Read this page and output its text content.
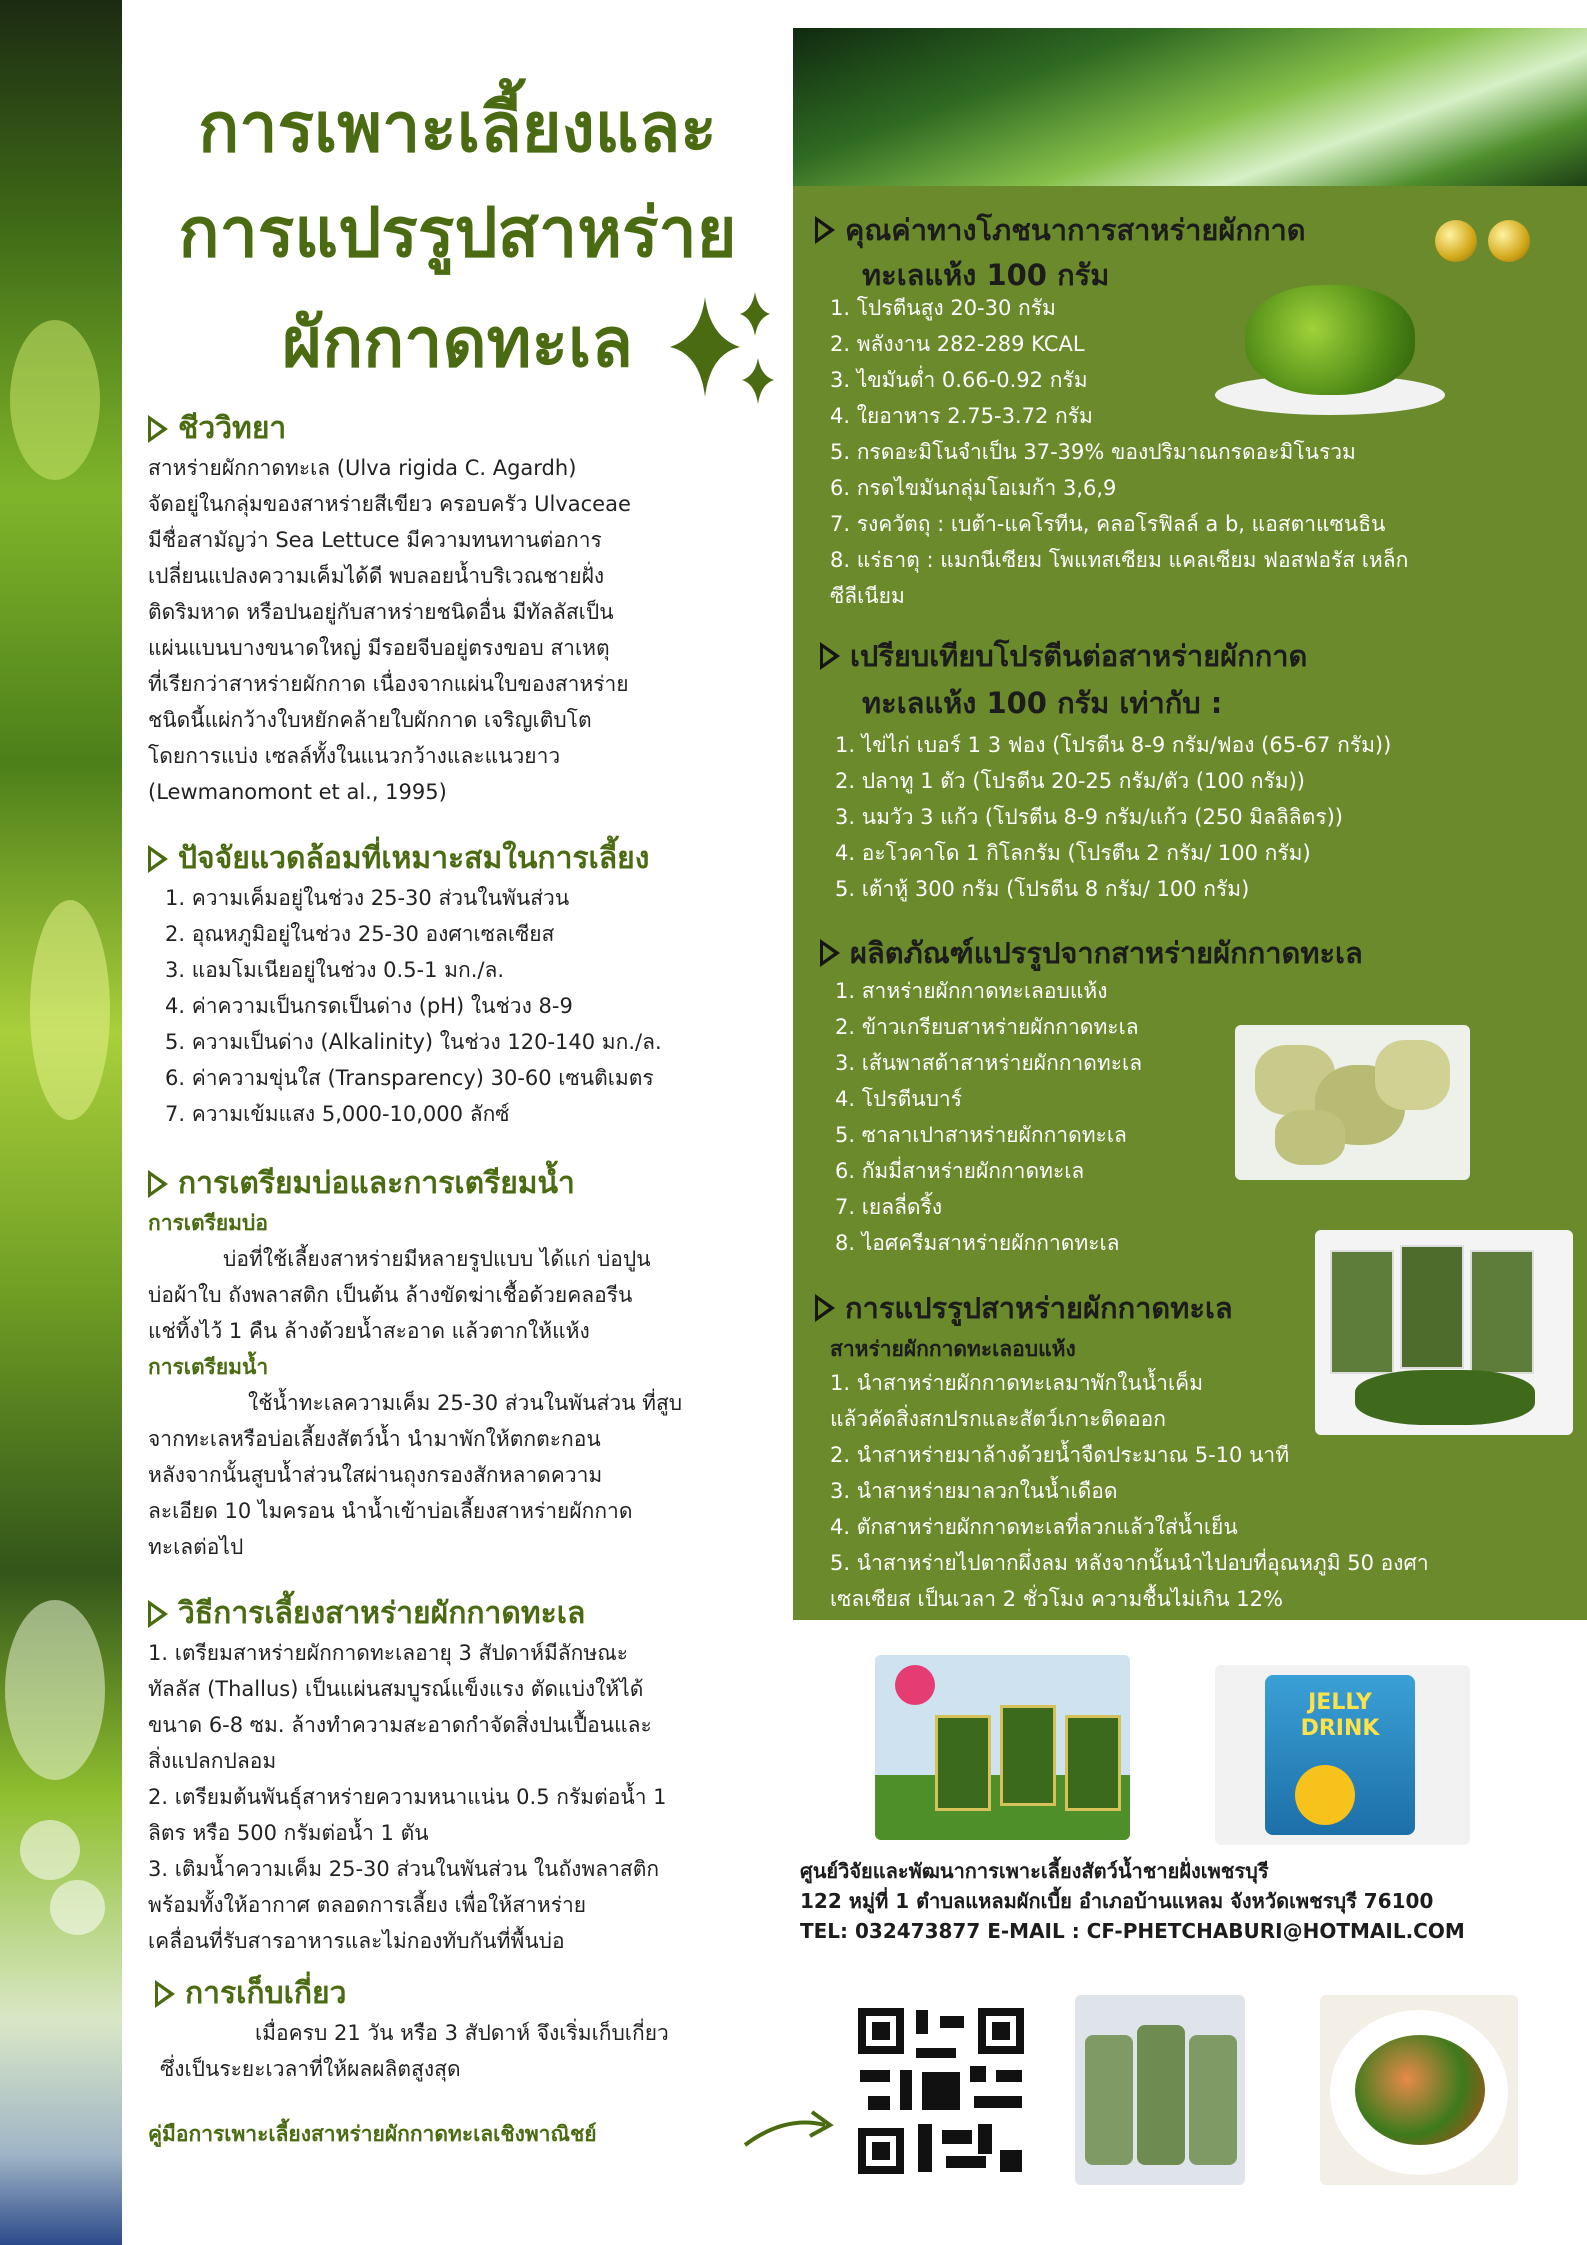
การเพาะเลี้ยงและ
การแปรรูปสาหร่าย
ผักกาดทะเล
ชีววิทยา
สาหร่ายผักกาดทะเล (Ulva rigida C. Agardh)
จัดอยู่ในกลุ่มของสาหร่ายสีเขียว ครอบครัว Ulvaceae
มีชื่อสามัญว่า Sea Lettuce มีความทนทานต่อการ
เปลี่ยนแปลงความเค็มได้ดี พบลอยน้ำบริเวณชายฝั่ง
ติดริมหาด หรือปนอยู่กับสาหร่ายชนิดอื่น มีทัลลัสเป็น
แผ่นแบนบางขนาดใหญ่ มีรอยจีบอยู่ตรงขอบ สาเหตุ
ที่เรียกว่าสาหร่ายผักกาด เนื่องจากแผ่นใบของสาหร่าย
ชนิดนี้แผ่กว้างใบหยักคล้ายใบผักกาด เจริญเติบโต
โดยการแบ่ง เซลล์ทั้งในแนวกว้างและแนวยาว
(Lewmanomont et al., 1995)
ปัจจัยแวดล้อมที่เหมาะสมในการเลี้ยง
1. ความเค็มอยู่ในช่วง 25-30 ส่วนในพันส่วน
2. อุณหภูมิอยู่ในช่วง 25-30 องศาเซลเซียส
3. แอมโมเนียอยู่ในช่วง 0.5-1 มก./ล.
4. ค่าความเป็นกรดเป็นด่าง (pH) ในช่วง 8-9
5. ความเป็นด่าง (Alkalinity) ในช่วง 120-140 มก./ล.
6. ค่าความขุ่นใส (Transparency) 30-60 เซนติเมตร
7. ความเข้มแสง 5,000-10,000 ลักซ์
การเตรียมบ่อและการเตรียมน้ำ
การเตรียมบ่อ
บ่อที่ใช้เลี้ยงสาหร่ายมีหลายรูปแบบ ได้แก่ บ่อปูน
บ่อผ้าใบ ถังพลาสติก เป็นต้น ล้างขัดฆ่าเชื้อด้วยคลอรีน
แช่ทิ้งไว้ 1 คืน ล้างด้วยน้ำสะอาด แล้วตากให้แห้ง
การเตรียมน้ำ
ใช้น้ำทะเลความเค็ม 25-30 ส่วนในพันส่วน ที่สูบ
จากทะเลหรือบ่อเลี้ยงสัตว์น้ำ นำมาพักให้ตกตะกอน
หลังจากนั้นสูบน้ำส่วนใสผ่านถุงกรองสักหลาดความ
ละเอียด 10 ไมครอน นำน้ำเข้าบ่อเลี้ยงสาหร่ายผักกาด
ทะเลต่อไป
วิธีการเลี้ยงสาหร่ายผักกาดทะเล
1. เตรียมสาหร่ายผักกาดทะเลอายุ 3 สัปดาห์มีลักษณะ
ทัลลัส (Thallus) เป็นแผ่นสมบูรณ์แข็งแรง ตัดแบ่งให้ได้
ขนาด 6-8 ซม. ล้างทำความสะอาดกำจัดสิ่งปนเปื้อนและ
สิ่งแปลกปลอม
2. เตรียมต้นพันธุ์สาหร่ายความหนาแน่น 0.5 กรัมต่อน้ำ 1
ลิตร หรือ 500 กรัมต่อน้ำ 1 ตัน
3. เติมน้ำความเค็ม 25-30 ส่วนในพันส่วน ในถังพลาสติก
พร้อมทั้งให้อากาศ ตลอดการเลี้ยง เพื่อให้สาหร่าย
เคลื่อนที่รับสารอาหารและไม่กองทับกันที่พื้นบ่อ
การเก็บเกี่ยว
เมื่อครบ 21 วัน หรือ 3 สัปดาห์ จึงเริ่มเก็บเกี่ยว
ซึ่งเป็นระยะเวลาที่ให้ผลผลิตสูงสุด
คู่มือการเพาะเลี้ยงสาหร่ายผักกาดทะเลเชิงพาณิชย์
คุณค่าทางโภชนาการสาหร่ายผักกาด
ทะเลแห้ง 100 กรัม
1. โปรตีนสูง 20-30 กรัม
2. พลังงาน 282-289 KCAL
3. ไขมันต่ำ 0.66-0.92 กรัม
4. ใยอาหาร 2.75-3.72 กรัม
5. กรดอะมิโนจำเป็น 37-39% ของปริมาณกรดอะมิโนรวม
6. กรดไขมันกลุ่มโอเมก้า 3,6,9
7. รงควัตถุ : เบต้า-แคโรทีน, คลอโรฟิลล์ a b, แอสตาแซนธิน
8. แร่ธาตุ : แมกนีเซียม โพแทสเซียม แคลเซียม ฟอสฟอรัส เหล็ก
ซีลีเนียม
เปรียบเทียบโปรตีนต่อสาหร่ายผักกาด
ทะเลแห้ง 100 กรัม เท่ากับ :
1. ไข่ไก่ เบอร์ 1 3 ฟอง (โปรตีน 8-9 กรัม/ฟอง (65-67 กรัม))
2. ปลาทู 1 ตัว (โปรตีน 20-25 กรัม/ตัว (100 กรัม))
3. นมวัว 3 แก้ว (โปรตีน 8-9 กรัม/แก้ว (250 มิลลิลิตร))
4. อะโวคาโด 1 กิโลกรัม (โปรตีน 2 กรัม/ 100 กรัม)
5. เต้าหู้ 300 กรัม (โปรตีน 8 กรัม/ 100 กรัม)
ผลิตภัณฑ์แปรรูปจากสาหร่ายผักกาดทะเล
1. สาหร่ายผักกาดทะเลอบแห้ง
2. ข้าวเกรียบสาหร่ายผักกาดทะเล
3. เส้นพาสต้าสาหร่ายผักกาดทะเล
4. โปรตีนบาร์
5. ซาลาเปาสาหร่ายผักกาดทะเล
6. กัมมี่สาหร่ายผักกาดทะเล
7. เยลลี่ดริ้ง
8. ไอศครีมสาหร่ายผักกาดทะเล
การแปรรูปสาหร่ายผักกาดทะเล
สาหร่ายผักกาดทะเลอบแห้ง
1. นำสาหร่ายผักกาดทะเลมาพักในน้ำเค็ม
แล้วคัดสิ่งสกปรกและสัตว์เกาะติดออก
2. นำสาหร่ายมาล้างด้วยน้ำจืดประมาณ 5-10 นาที
3. นำสาหร่ายมาลวกในน้ำเดือด
4. ตักสาหร่ายผักกาดทะเลที่ลวกแล้วใส่น้ำเย็น
5. นำสาหร่ายไปตากผึ่งลม หลังจากนั้นนำไปอบที่อุณหภูมิ 50 องศา
เซลเซียส เป็นเวลา 2 ชั่วโมง ความชื้นไม่เกิน 12%
JELLY DRINK
ศูนย์วิจัยและพัฒนาการเพาะเลี้ยงสัตว์น้ำชายฝั่งเพชรบุรี
122 หมู่ที่ 1 ตำบลแหลมผักเบี้ย อำเภอบ้านแหลม จังหวัดเพชรบุรี 76100
TEL: 032473877 E-MAIL : CF-PHETCHABURI@HOTMAIL.COM
